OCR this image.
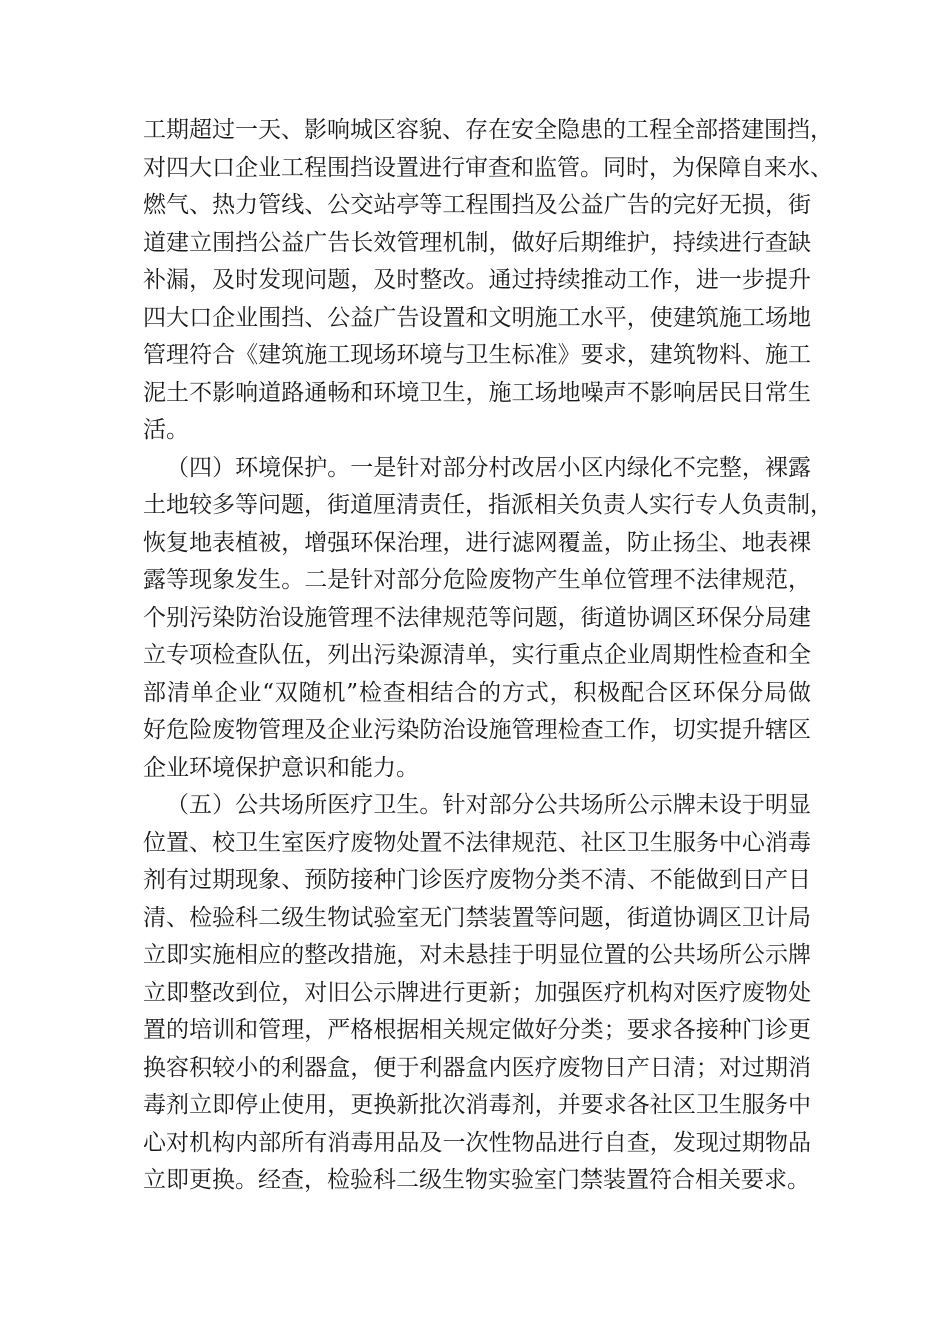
工期超过一天、影响城区容貌、存在安全隐患的工程全部搭建围挡，
对四大口企业工程围挡设置进行审查和监管。同时，为保障自来水、
燃气、热力管线、公交站亭等工程围挡及公益广告的完好无损，街
道建立围挡公益广告长效管理机制，做好后期维护，持续进行查缺
补漏，及时发现问题，及时整改。通过持续推动工作，进一步提升
四大口企业围挡、公益广告设置和文明施工水平，使建筑施工场地
管理符合《建筑施工现场环境与卫生标准》要求，建筑物料、施工
泥土不影响道路通畅和环境卫生，施工场地噪声不影响居民日常生
活。
（四）环境保护。一是针对部分村改居小区内绿化不完整，裸露
土地较多等问题，街道厘清责任，指派相关负责人实行专人负责制，
恢复地表植被，增强环保治理，进行滤网覆盖，防止扬尘、地表裸
露等现象发生。二是针对部分危险废物产生单位管理不法律规范，
个别污染防治设施管理不法律规范等问题，街道协调区环保分局建
立专项检查队伍，列出污染源清单，实行重点企业周期性检查和全
部清单企业“双随机”检查相结合的方式，积极配合区环保分局做
好危险废物管理及企业污染防治设施管理检查工作，切实提升辖区
企业环境保护意识和能力。
（五）公共场所医疗卫生。针对部分公共场所公示牌未设于明显
位置、校卫生室医疗废物处置不法律规范、社区卫生服务中心消毒
剂有过期现象、预防接种门诊医疗废物分类不清、不能做到日产日
清、检验科二级生物试验室无门禁装置等问题，街道协调区卫计局
立即实施相应的整改措施，对未悬挂于明显位置的公共场所公示牌
立即整改到位，对旧公示牌进行更新；加强医疗机构对医疗废物处
置的培训和管理，严格根据相关规定做好分类；要求各接种门诊更
换容积较小的利器盒，便于利器盒内医疗废物日产日清；对过期消
毒剂立即停止使用，更换新批次消毒剂，并要求各社区卫生服务中
心对机构内部所有消毒用品及一次性物品进行自查，发现过期物品
立即更换。经查，检验科二级生物实验室门禁装置符合相关要求。
